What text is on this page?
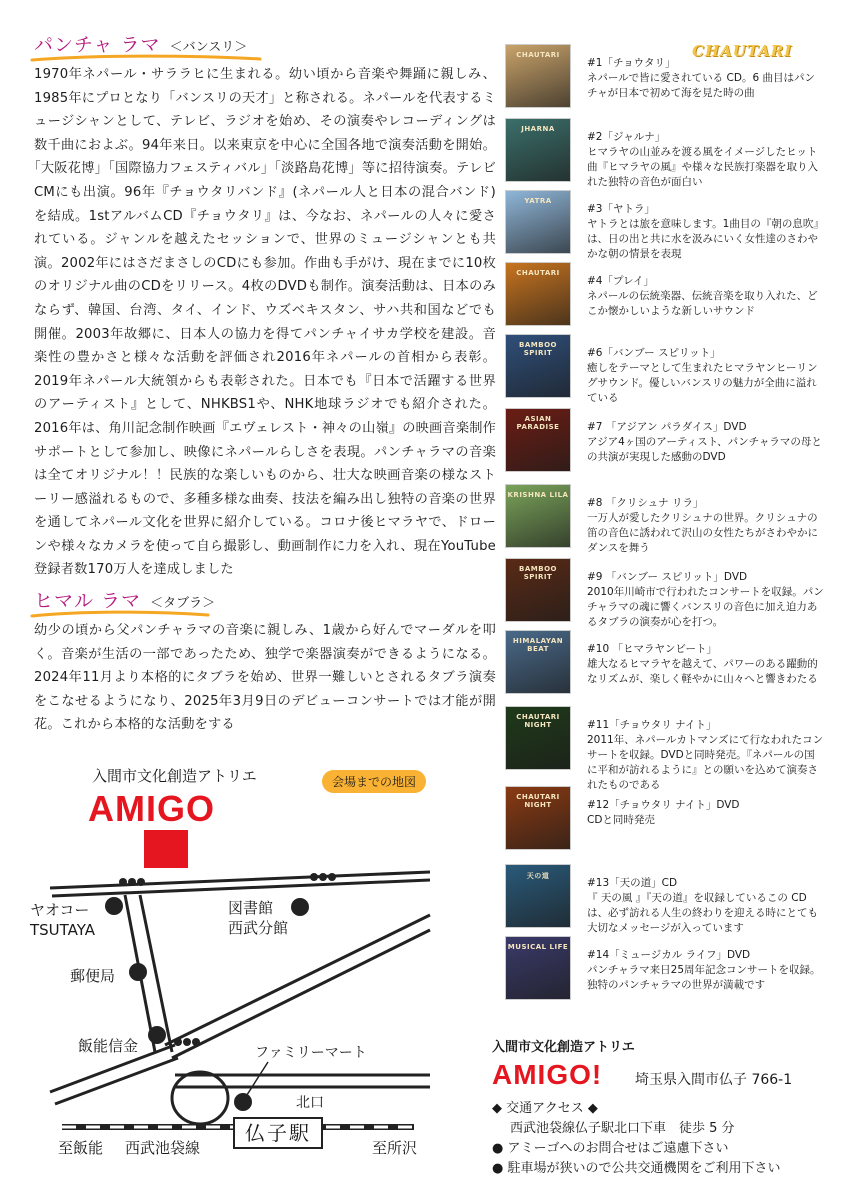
パンチャ ラマ ＜バンスリ＞

1970年ネパール・サララヒに生まれる。幼い頃から音楽や舞踊に親しみ、1985年にプロとなり「バンスリの天才」と称される。ネパールを代表するミュージシャンとして、テレビ、ラジオを始め、その演奏やレコーディングは数千曲におよぶ。94年来日。以来東京を中心に全国各地で演奏活動を開始。｢大阪花博｣「国際協力フェスティバル」「淡路島花博」等に招待演奏。テレビCMにも出演。96年『チョウタリバンド』(ネパール人と日本の混合バンド) を結成。1stアルバムCD『チョウタリ』は、今なお、ネパールの人々に愛されている。ジャンルを越えたセッションで、世界のミュージシャンとも共演。2002年にはさだまさしのCDにも参加。作曲も手がけ、現在までに10枚のオリジナル曲のCDをリリース。4枚のDVDも制作。演奏活動は、日本のみならず、韓国、台湾、タイ、インド、ウズベキスタン、サハ共和国などでも開催。2003年故郷に、日本人の協力を得てパンチャイサカ学校を建設。音楽性の豊かさと様々な活動を評価され2016年ネパールの首相から表彰。2019年ネパール大統領からも表彰された。日本でも『日本で活躍する世界のアーティスト』として、NHKBS1や、NHK地球ラジオでも紹介された。2016年は、角川記念制作映画『エヴェレスト・神々の山嶺』の映画音楽制作サポートとして参加し、映像にネパールらしさを表現。パンチャラマの音楽は全てオリジナル！！民族的な楽しいものから、壮大な映画音楽の様なストーリー感溢れるもので、多種多様な曲奏、技法を編み出し独特の音楽の世界を通してネパール文化を世界に紹介している。コロナ後ヒマラヤで、ドローンや様々なカメラを使って自ら撮影し、動画制作に力を入れ、現在YouTube登録者数170万人を達成しました

ヒマル ラマ ＜タブラ＞

幼少の頃から父パンチャラマの音楽に親しみ、1歳から好んでマーダルを叩く。音楽が生活の一部であったため、独学で楽器演奏ができるようになる。2024年11月より本格的にタブラを始め、世界一難しいとされるタブラ演奏をこなせるようになり、2025年3月9日のデビューコンサートでは才能が開花。これから本格的な活動をする

入間市文化創造アトリエ
AMIGO
会場までの地図
ヤオコー
TSUTAYA
図書館
西武分館
郵便局
飯能信金	ファミリーマート
北口
仏子駅
至飯能 西武池袋線	至所沢
CHAUTARI
CHAUTARI
#1「チョウタリ」
ネパールで皆に愛されている CD。6 曲目はパンチャが日本で初めて海を見た時の曲
JHARNA
#2「ジャルナ」
ヒマラヤの山並みを渡る風をイメージしたヒット曲『ヒマラヤの風』や様々な民族打楽器を取り入れた独特の音色が面白い
YATRA
#3「ヤトラ」
ヤトラとは旅を意味します。1曲目の『朝の息吹』は、日の出と共に水を汲みにいく女性達のさわやかな朝の情景を表現
CHAUTARI
#4「プレイ」
ネパールの伝統楽器、伝統音楽を取り入れた、どこか懐かしいような新しいサウンド
BAMBOO SPIRIT	#6「バンブー スピリット」
癒しをテーマとして生まれたヒマラヤンヒーリングサウンド。優しいバンスリの魅力が全曲に溢れている
ASIAN PARADISE	#7 「アジアン パラダイス」DVD
アジア4ヶ国のアーティスト、パンチャラマの母との共演が実現した感動のDVD
KRISHNA LILA
#8 「クリシュナ リラ」
一万人が愛したクリシュナの世界。クリシュナの笛の音色に誘われて沢山の女性たちがさわやかにダンスを舞う
BAMBOO SPIRIT	#9 「バンブー スピリット」DVD
2010年川崎市で行われたコンサートを収録。パンチャラマの魂に響くバンスリの音色に加え迫力あるタブラの演奏が心を打つ。
HIMALAYAN BEAT	#10 「ヒマラヤンビート」
雄大なるヒマラヤを越えて、パワーのある躍動的なリズムが、楽しく軽やかに山々へと響きわたる
CHAUTARI NIGHT	#11「チョウタリ ナイト」
2011年、ネパールカトマンズにて行なわれたコンサートを収録。DVDと同時発売。『ネパールの国に平和が訪れるように』との願いを込めて演奏されたものである
CHAUTARI NIGHT	#12「チョウタリ ナイト」DVD
CDと同時発売
天の道
#13「天の道」CD
『 天の風 』『天の道』を収録しているこの CDは、必ず訪れる人生の終わりを迎える時にとても大切なメッセージが入っています
MUSICAL LIFE
#14「ミュージカル ライフ」DVD
パンチャラマ来日25周年記念コンサートを収録。独特のパンチャラマの世界が満載です
入間市文化創造アトリエ
AMIGO! 埼玉県入間市仏子 766-1
◆ 交通アクセス ◆
西武池袋線仏子駅北口下車　徒歩 5 分
● アミーゴへのお問合せはご遠慮下さい
● 駐車場が狭いので公共交通機関をご利用下さい
